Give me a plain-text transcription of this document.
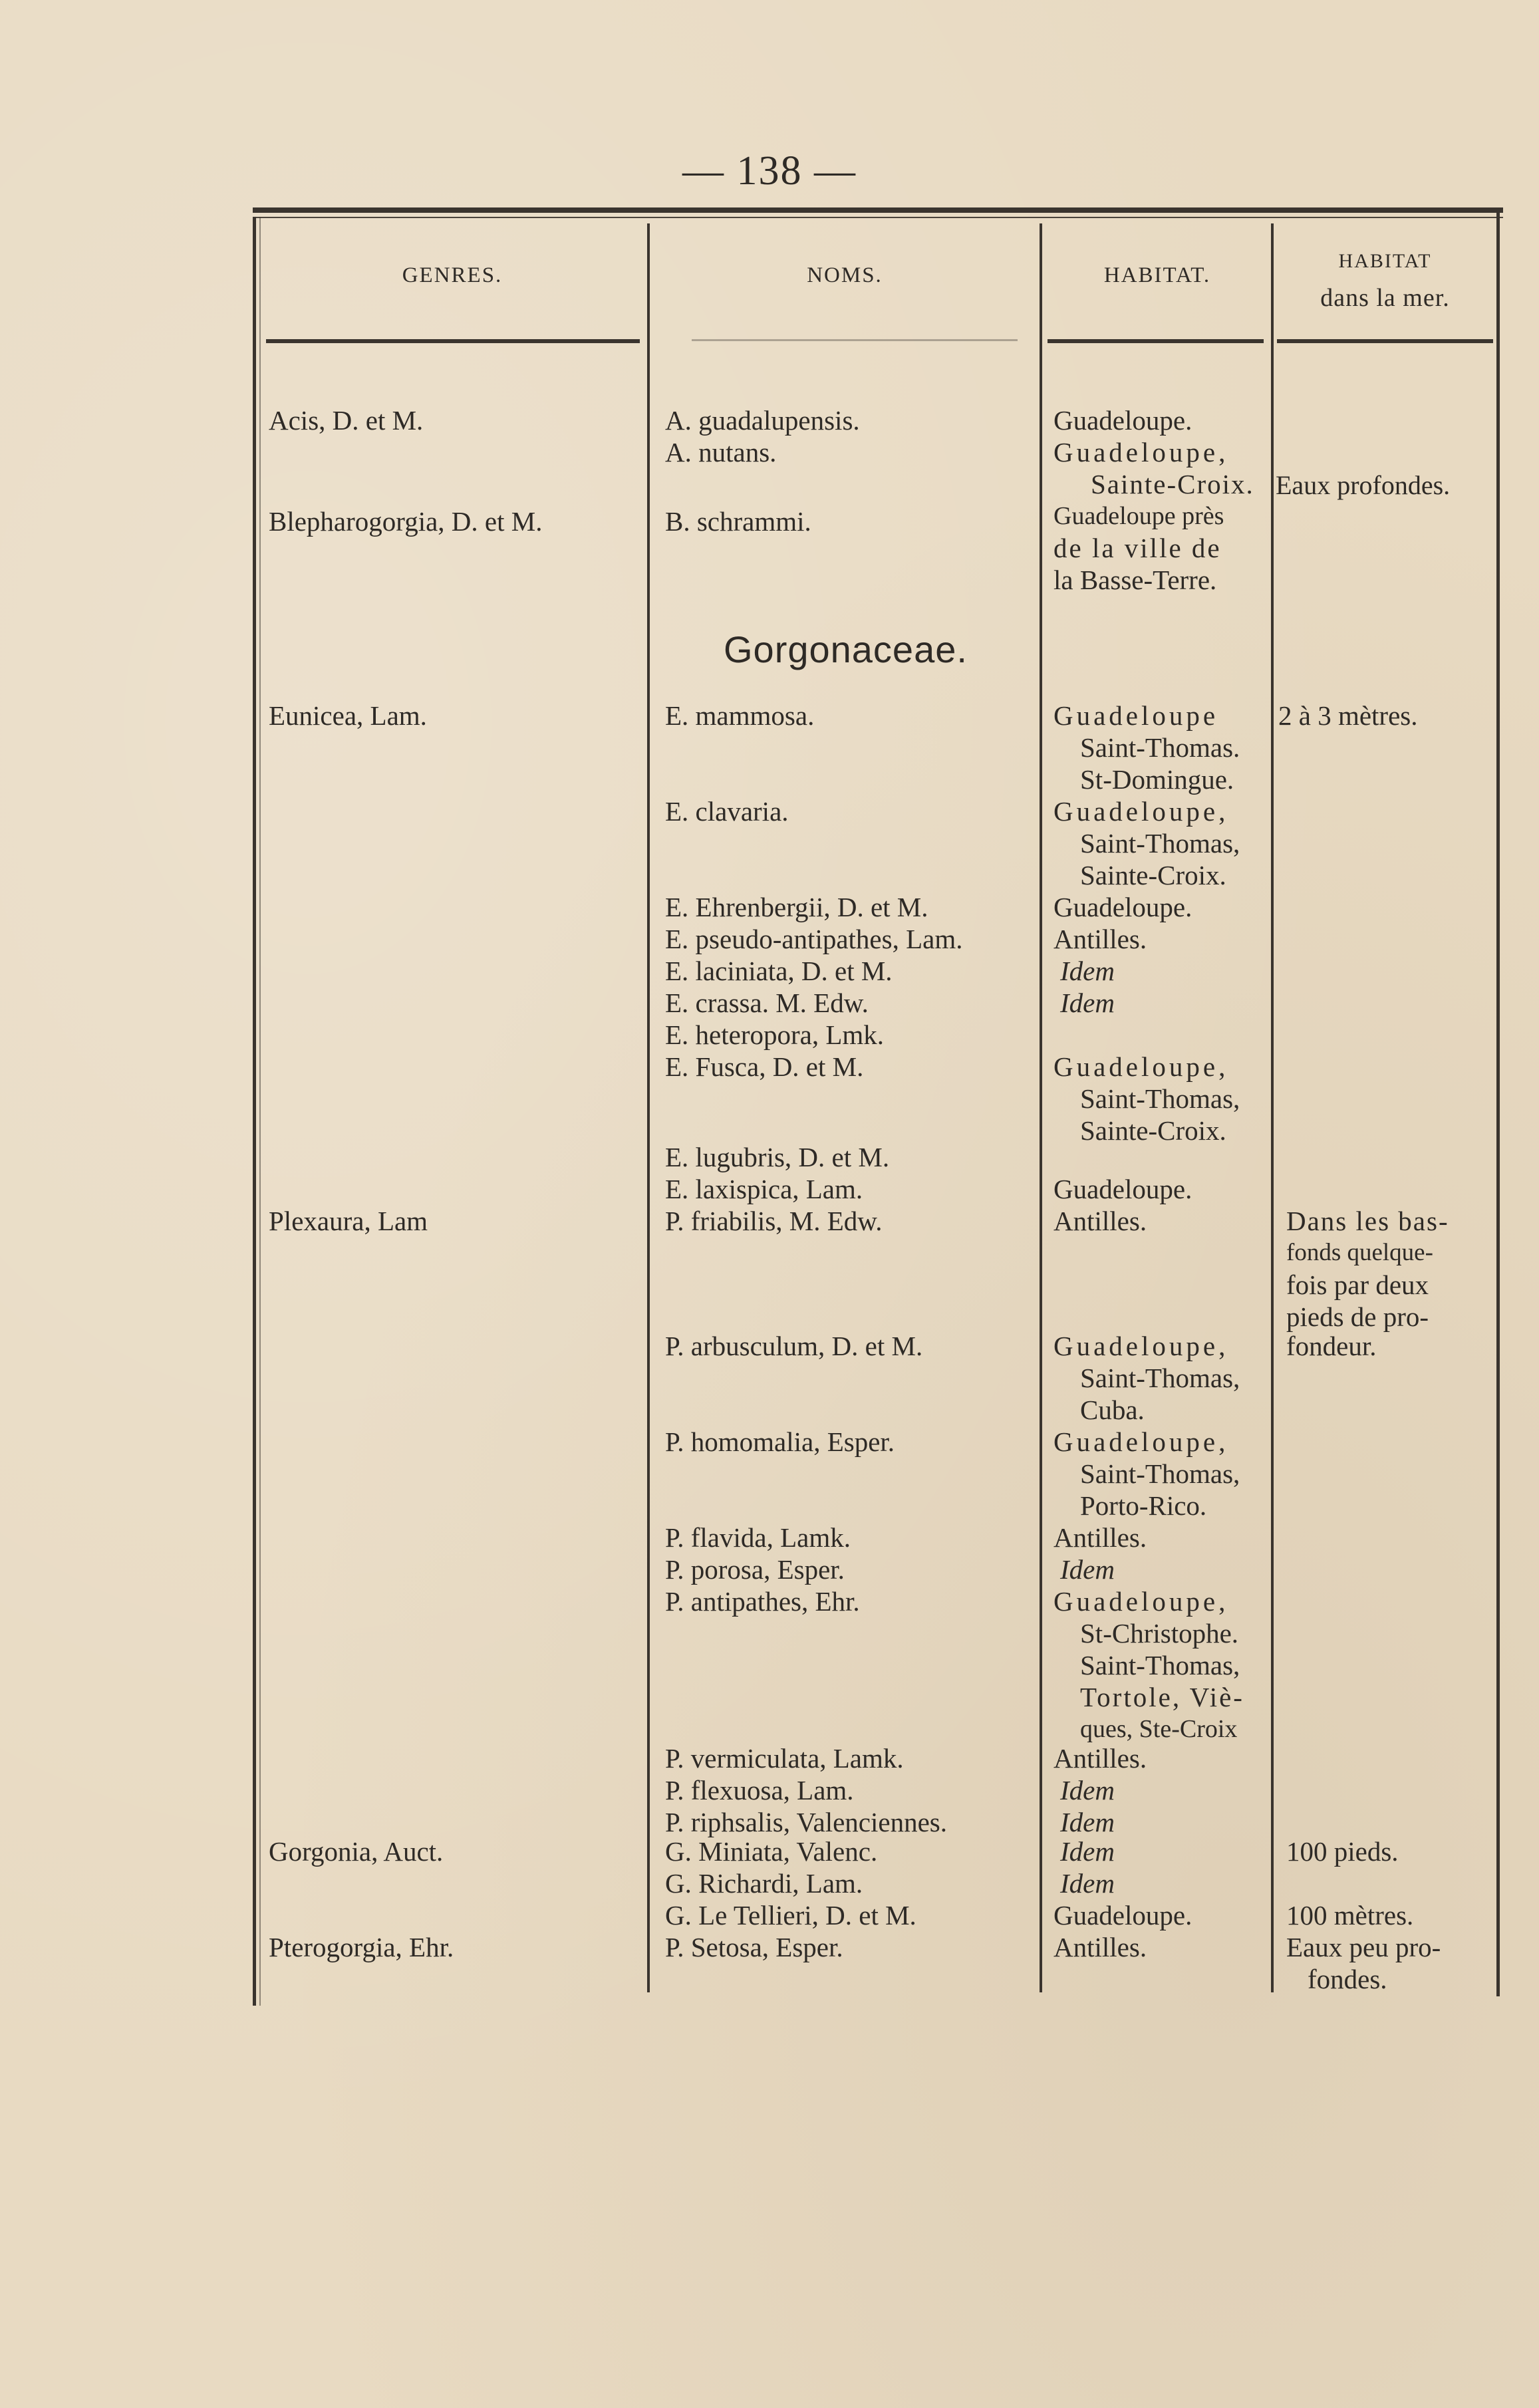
— 138 —
GENRES.	NOMS.	HABITAT.
HABITAT
dans la mer.
Gorgonaceae.
Acis, D. et M.
Blepharogorgia, D. et M.
Eunicea, Lam.
Plexaura, Lam
Gorgonia, Auct.
Pterogorgia, Ehr.
A. guadalupensis.
A. nutans.
B. schrammi.
E. mammosa.
E. clavaria.
E. Ehrenbergii, D. et M.
E. pseudo-antipathes, Lam.
E. laciniata, D. et M.
E. crassa. M. Edw.
E. heteropora, Lmk.
E. Fusca, D. et M.
E. lugubris, D. et M.
E. laxispica, Lam.
P. friabilis, M. Edw.
P. arbusculum, D. et M.
P. homomalia, Esper.
P. flavida, Lamk.
P. porosa, Esper.
P. antipathes, Ehr.
P. vermiculata, Lamk.
P. flexuosa, Lam.
P. riphsalis, Valenciennes.
G. Miniata, Valenc.
G. Richardi, Lam.
G. Le Tellieri, D. et M.
P. Setosa, Esper.
Guadeloupe.
Guadeloupe,
Sainte-Croix.
Guadeloupe près
de la ville de
la Basse-Terre.
Guadeloupe
Saint-Thomas.
St-Domingue.
Guadeloupe,
Saint-Thomas,
Sainte-Croix.
Guadeloupe.
Antilles.
Idem
Idem
Guadeloupe,
Saint-Thomas,
Sainte-Croix.
Guadeloupe.
Antilles.
Guadeloupe,
Saint-Thomas,
Cuba.
Guadeloupe,
Saint-Thomas,
Porto-Rico.
Antilles.
Idem
Guadeloupe,
St-Christophe.
Saint-Thomas,
Tortole, Viè-
ques, Ste-Croix
Antilles.
Idem
Idem
Idem
Idem
Guadeloupe.
Antilles.
Eaux profondes.
2 à 3 mètres.
Dans les bas-
fonds quelque-
fois par deux
pieds de pro-
fondeur.
100 pieds.
100 mètres.
Eaux peu pro-
fondes.
